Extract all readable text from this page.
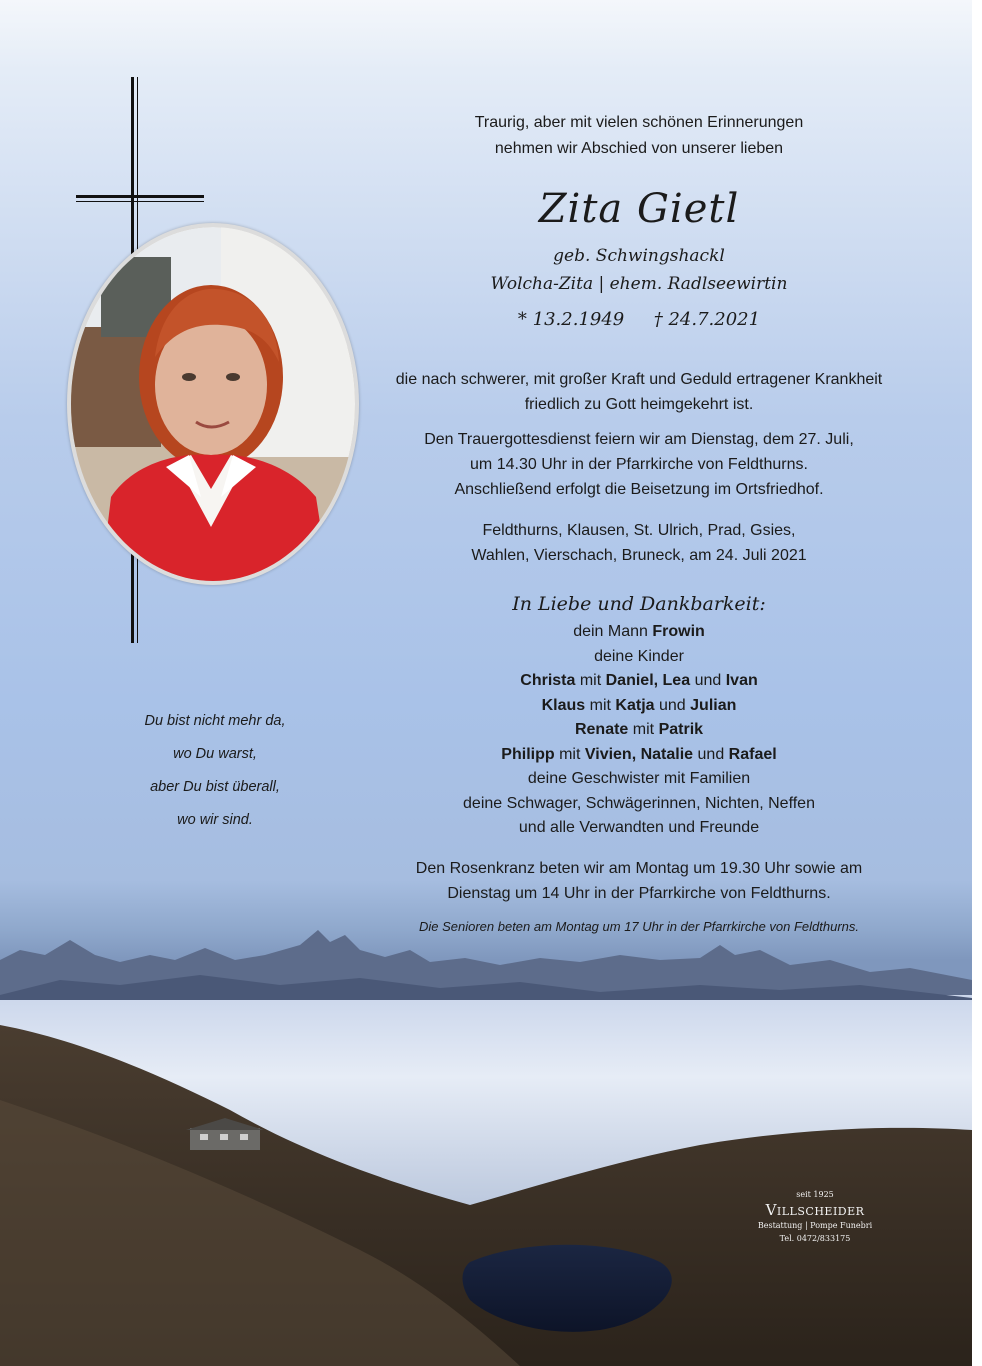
Traurig, aber mit vielen schönen Erinnerungen
nehmen wir Abschied von unserer lieben
Zita Gietl
geb. Schwingshackl
Wolcha-Zita | ehem. Radlseewirtin
* 13.2.1949 † 24.7.2021
die nach schwerer, mit großer Kraft und Geduld ertragener Krankheit
friedlich zu Gott heimgekehrt ist.
Den Trauergottesdienst feiern wir am Dienstag, dem 27. Juli,
um 14.30 Uhr in der Pfarrkirche von Feldthurns.
Anschließend erfolgt die Beisetzung im Ortsfriedhof.
Feldthurns, Klausen, St. Ulrich, Prad, Gsies,
Wahlen, Vierschach, Bruneck, am 24. Juli 2021
In Liebe und Dankbarkeit:
dein Mann Frowin
deine Kinder
Christa mit Daniel, Lea und Ivan
Klaus mit Katja und Julian
Renate mit Patrik
Philipp mit Vivien, Natalie und Rafael
deine Geschwister mit Familien
deine Schwager, Schwägerinnen, Nichten, Neffen
und alle Verwandten und Freunde
Den Rosenkranz beten wir am Montag um 19.30 Uhr sowie am
Dienstag um 14 Uhr in der Pfarrkirche von Feldthurns.
Die Senioren beten am Montag um 17 Uhr in der Pfarrkirche von Feldthurns.
Du bist nicht mehr da,
wo Du warst,
aber Du bist überall,
wo wir sind.
seit 1925
Villscheider
Bestattung | Pompe Funebri
Tel. 0472/833175
